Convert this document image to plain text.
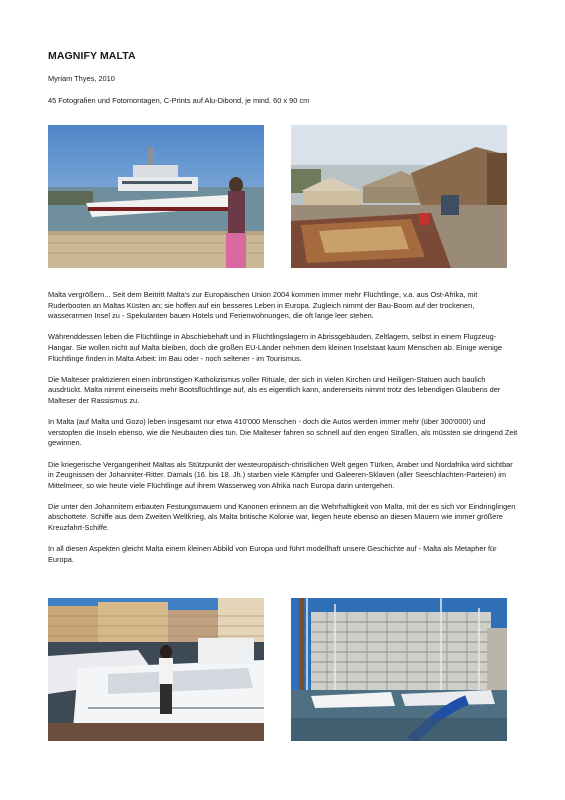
MAGNIFY MALTA
Myriam Thyes, 2010
45 Fotografien und Fotomontagen, C-Prints auf Alu-Dibond, je mind. 60 x 90 cm

Malta vergrößern... Seit dem Beitritt Malta's zur Europäischen Union 2004 kommen immer mehr Flüchtlinge, v.a. aus Ost-Afrika, mit Ruderbooten an Maltas Küsten an; sie hoffen auf ein besseres Leben in Europa. Zugleich nimmt der Bau-Boom auf der trockenen, wasserarmen Insel zu - Spekulanten bauen Hotels und Ferienwohnungen, die oft lange leer stehen.

Währenddessen leben die Flüchtlinge in Abschiebehaft und in Flüchtlingslagern in Abrissgebäuden, Zeltlagern, selbst in einem Flugzeug-Hangar. Sie wollen nicht auf Malta bleiben, doch die großen EU-Länder nehmen dem kleinen Inselstaat kaum Menschen ab. Einige wenige Flüchtlinge finden in Malta Arbeit: im Bau oder - noch seltener - im Tourismus.

Die Malteser praktizieren einen inbrünstigen Katholizismus voller Rituale, der sich in vielen Kirchen und Heiligen-Statuen auch baulich ausdrückt. Malta nimmt einerseits mehr Bootsflüchtlinge auf, als es eigentlich kann, andererseits nimmt trotz des lebendigen Glaubens der Malteser der Rassismus zu.

In Malta (auf Malta und Gozo) leben insgesamt nur etwa 410'000 Menschen - doch die Autos werden immer mehr (über 300'000!) und verstopfen die Inseln ebenso, wie die Neubauten dies tun. Die Malteser fahren so schnell auf den engen Straßen, als müssten sie dringend Zeit gewinnen.

Die kriegerische Vergangenheit Maltas als Stützpunkt der westeuropäisch-christlichen Welt gegen Türken, Araber und Nordafrika wird sichtbar in Zeugnissen der Johanniter-Ritter. Damals (16. bis 18. Jh.) starben viele Kämpfer und Galeeren-Sklaven (aller Seeschlachten-Parteien) im Mittelmeer, so wie heute viele Flüchtlinge auf ihrem Wasserweg von Afrika nach Europa darin untergehen.

Die unter den Johannitern erbauten Festungsmauern und Kanonen erinnern an die Wehrhaftigkeit von Malta, mit der es sich vor Eindringlingen abschottete. Schiffe aus dem Zweiten Weltkrieg, als Malta britische Kolonie war, liegen heute ebenso an diesen Mauern wie immer größere Kreuzfahrt-Schiffe.

In all diesen Aspekten gleicht Malta einem kleinen Abbild von Europa und führt modellhaft unsere Geschichte auf - Malta als Metapher für Europa.
